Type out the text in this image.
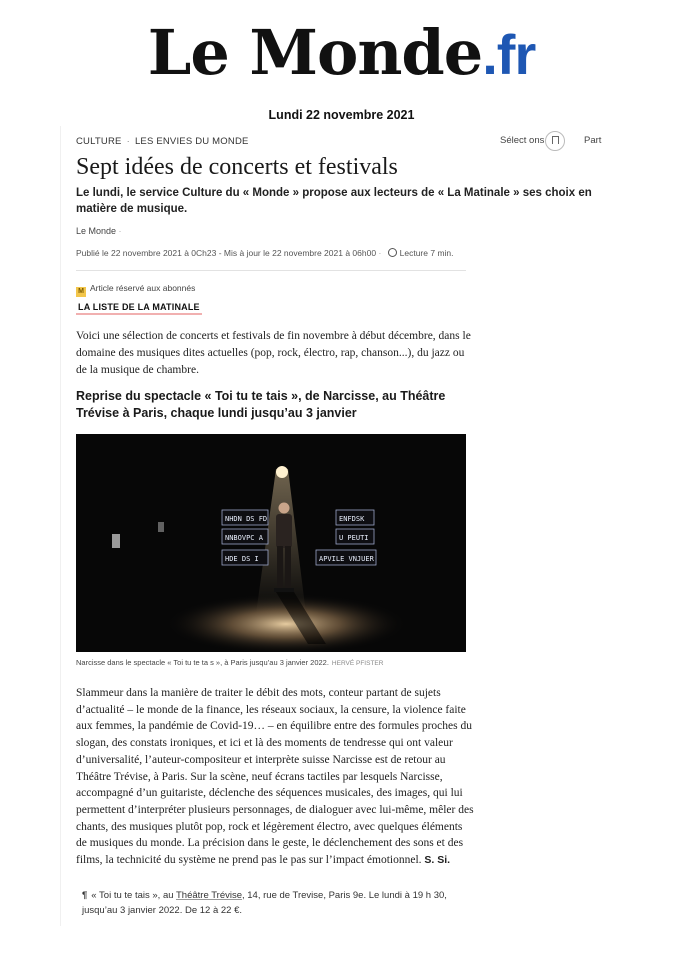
Le Monde.fr
Lundi 22 novembre 2021
CULTURE · LES ENVIES DU MONDE	Sélect ons	Part
Sept idées de concerts et festivals

Le lundi, le service Culture du « Monde » propose aux lecteurs de « La Matinale » ses choix en matière de musique.

Le Monde ·
Publié le 22 novembre 2021 à 0Ch23 - Mis à jour le 22 novembre 2021 à 06h00 · Lecture 7 min.
M Article réservé aux abonnés
LA LISTE DE LA MATINALE

Voici une sélection de concerts et festivals de fin novembre à début décembre, dans le domaine des musiques dites actuelles (pop, rock, électro, rap, chanson...), du jazz ou de la musique de chambre.

Reprise du spectacle « Toi tu te tais », de Narcisse, au Théâtre Trévise à Paris, chaque lundi jusqu’au 3 janvier
NHDN DS FD
NNBOVPC A
HDE DS I
ENFDSK
U PEUTI
APVILE VNJUER
Narcisse dans le spectacle « Toi tu te ta s », à Paris jusqu’au 3 janvier 2022. HERVÉ PFISTER

Slammeur dans la manière de traiter le débit des mots, conteur partant de sujets d’actualité – le monde de la finance, les réseaux sociaux, la censure, la violence faite aux femmes, la pandémie de Covid-19… – en équilibre entre des formules proches du slogan, des constats ironiques, et ici et là des moments de tendresse qui ont valeur d’universalité, l’auteur-compositeur et interprète suisse Narcisse est de retour au Théâtre Trévise, à Paris. Sur la scène, neuf écrans tactiles par lesquels Narcisse, accompagné d’un guitariste, déclenche des séquences musicales, des images, qui lui permettent d’interpréter plusieurs personnages, de dialoguer avec lui-même, mêler des chants, des musiques plutôt pop, rock et légèrement électro, avec quelques éléments de musiques du monde. La précision dans le geste, le déclenchement des sons et des films, la technicité du système ne prend pas le pas sur l’impact émotionnel. S. Si.

¶ « Toi tu te tais », au Théâtre Trévise, 14, rue de Trevise, Paris 9e. Le lundi à 19 h 30, jusqu’au 3 janvier 2022. De 12 à 22 €.
